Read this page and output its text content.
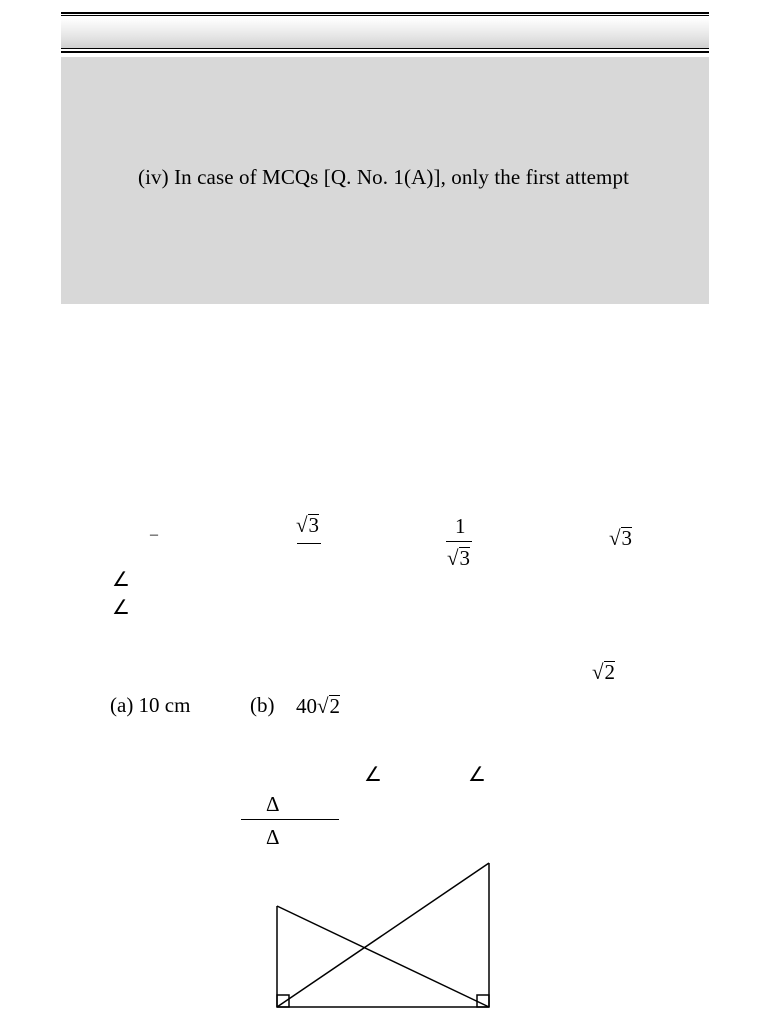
(iv) In case of MCQs [Q. No. 1(A)], only the first attempt
–	√3	1
√3
√3
∠
∠
√2
(a) 10 cm	(b) 40√2
∠	∠
Δ
Δ
